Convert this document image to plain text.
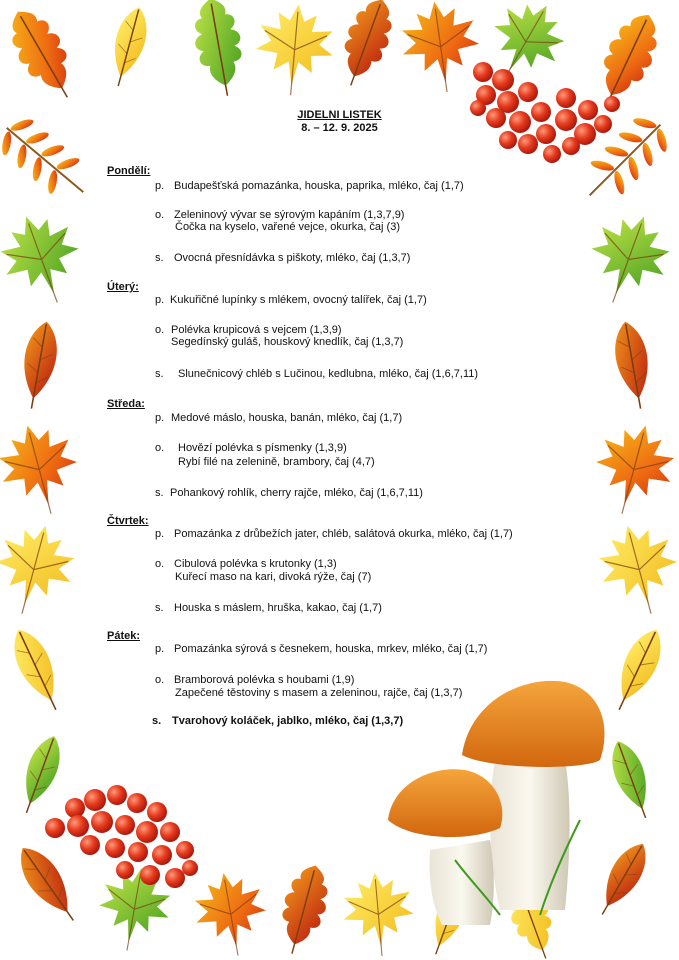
JIDELNI LISTEK
8. – 12. 9. 2025
Pondělí:
p. Budapešťská pomazánka, houska, paprika, mléko, čaj (1,7)
o. Zeleninový vývar se sýrovým kapáním (1,3,7,9)
Čočka na kyselo, vařené vejce, okurka, čaj (3)
s. Ovocná přesnídávka s piškoty, mléko, čaj (1,3,7)
Úterý:
p. Kukuřičné lupínky s mlékem, ovocný talířek, čaj (1,7)
o. Polévka krupicová s vejcem (1,3,9)
Segedínský guláš, houskový knedlík, čaj (1,3,7)
s. Slunečnicový chléb s Lučinou, kedlubna, mléko, čaj (1,6,7,11)
Středa:
p. Medové máslo, houska, banán, mléko, čaj (1,7)
o. Hovězí polévka s písmenky (1,3,9)
Rybí filé na zelenině, brambory, čaj (4,7)
s. Pohankový rohlík, cherry rajče, mléko, čaj (1,6,7,11)
Čtvrtek:
p. Pomazánka z drůbežích jater, chléb, salátová okurka, mléko, čaj (1,7)
o. Cibulová polévka s krutonky (1,3)
Kuřecí maso na kari, divoká rýže, čaj (7)
s. Houska s máslem, hruška, kakao, čaj (1,7)
Pátek:
p. Pomazánka sýrová s česnekem, houska, mrkev, mléko, čaj (1,7)
o. Bramborová polévka s houbami (1,9)
Zapečené těstoviny s masem a zeleninou, rajče, čaj (1,3,7)
s. Tvarohový koláček, jablko, mléko, čaj (1,3,7)
